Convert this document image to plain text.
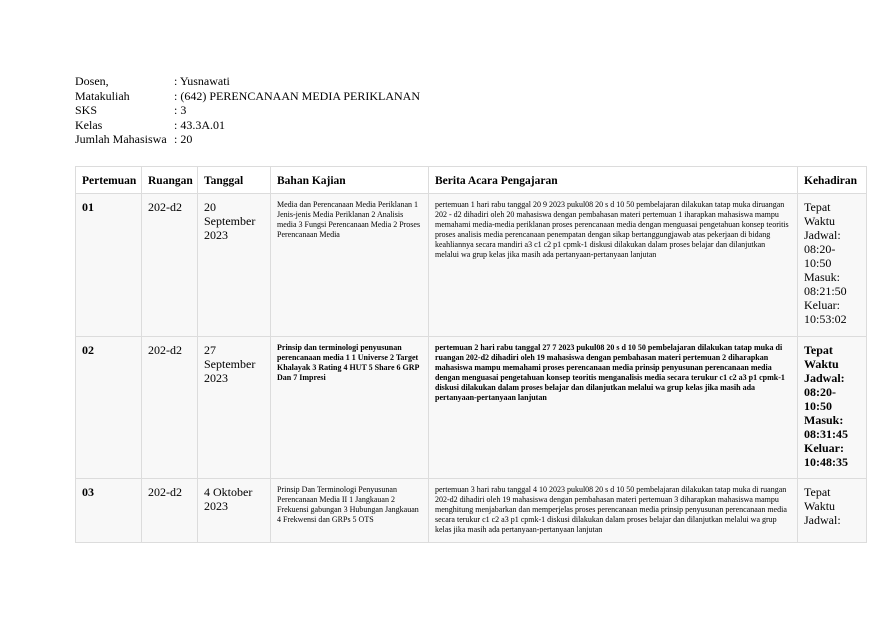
Dosen,	: Yusnawati
Matakuliah	: (642) PERENCANAAN MEDIA PERIKLANAN
SKS	: 3
Kelas	: 43.3A.01
Jumlah Mahasiswa : 20
Pertemuan	Ruangan	Tanggal	Bahan Kajian	Berita Acara Pengajaran	Kehadiran
01	202-d2	20 September 2023	Media dan Perencanaan Media Periklanan 1 Jenis-jenis Media Periklanan 2 Analisis media 3 Fungsi Perencanaan Media 2 Proses Perencanaan Media	pertemuan 1 hari rabu tanggal 20 9 2023 pukul08 20 s d 10 50 pembelajaran dilakukan tatap muka diruangan 202 - d2 dihadiri oleh 20 mahasiswa dengan pembahasan materi pertemuan 1 iharapkan mahasiswa mampu memahami media-media periklanan proses perencanaan media dengan menguasai pengetahuan konsep teoritis proses analisis media perencanaan penempatan dengan sikap bertanggungjawab atas pekerjaan di bidang keahliannya secara mandiri a3 c1 c2 p1 cpmk-1 diskusi dilakukan dalam proses belajar dan dilanjutkan melalui wa grup kelas jika masih ada pertanyaan-pertanyaan lanjutan	Tepat Waktu Jadwal: 08:20-10:50 Masuk: 08:21:50 Keluar: 10:53:02
02	202-d2	27 September 2023	Prinsip dan terminologi penyusunan perencanaan media 1 1 Universe 2 Target Khalayak 3 Rating 4 HUT 5 Share 6 GRP Dan 7 Impresi	pertemuan 2 hari rabu tanggal 27 7 2023 pukul08 20 s d 10 50 pembelajaran dilakukan tatap muka di ruangan 202-d2 dihadiri oleh 19 mahasiswa dengan pembahasan materi pertemuan 2 diharapkan mahasiswa mampu memahami proses perencanaan media prinsip penyusunan perencanaan media dengan menguasai pengetahuan konsep teoritis menganalisis media secara terukur c1 c2 a3 p1 cpmk-1 diskusi dilakukan dalam proses belajar dan dilanjutkan melalui wa grup kelas jika masih ada pertanyaan-pertanyaan lanjutan	Tepat Waktu Jadwal: 08:20-10:50 Masuk: 08:31:45 Keluar: 10:48:35
03	202-d2	4 Oktober 2023	Prinsip Dan Terminologi Penyusunan Perencanaan Media II 1 Jangkauan 2 Frekuensi gabungan 3 Hubungan Jangkauan 4 Frekwensi dan GRPs 5 OTS	pertemuan 3 hari rabu tanggal 4 10 2023 pukul08 20 s d 10 50 pembelajaran dilakukan tatap muka di ruangan 202-d2 dihadiri oleh 19 mahasiswa dengan pembahasan materi pertemuan 3 diharapkan mahasiswa mampu menghitung menjabarkan dan memperjelas proses perencanaan media prinsip penyusunan perencanaan media secara terukur c1 c2 a3 p1 cpmk-1 diskusi dilakukan dalam proses belajar dan dilanjutkan melalui wa grup kelas jika masih ada pertanyaan-pertanyaan lanjutan	Tepat Waktu Jadwal:
